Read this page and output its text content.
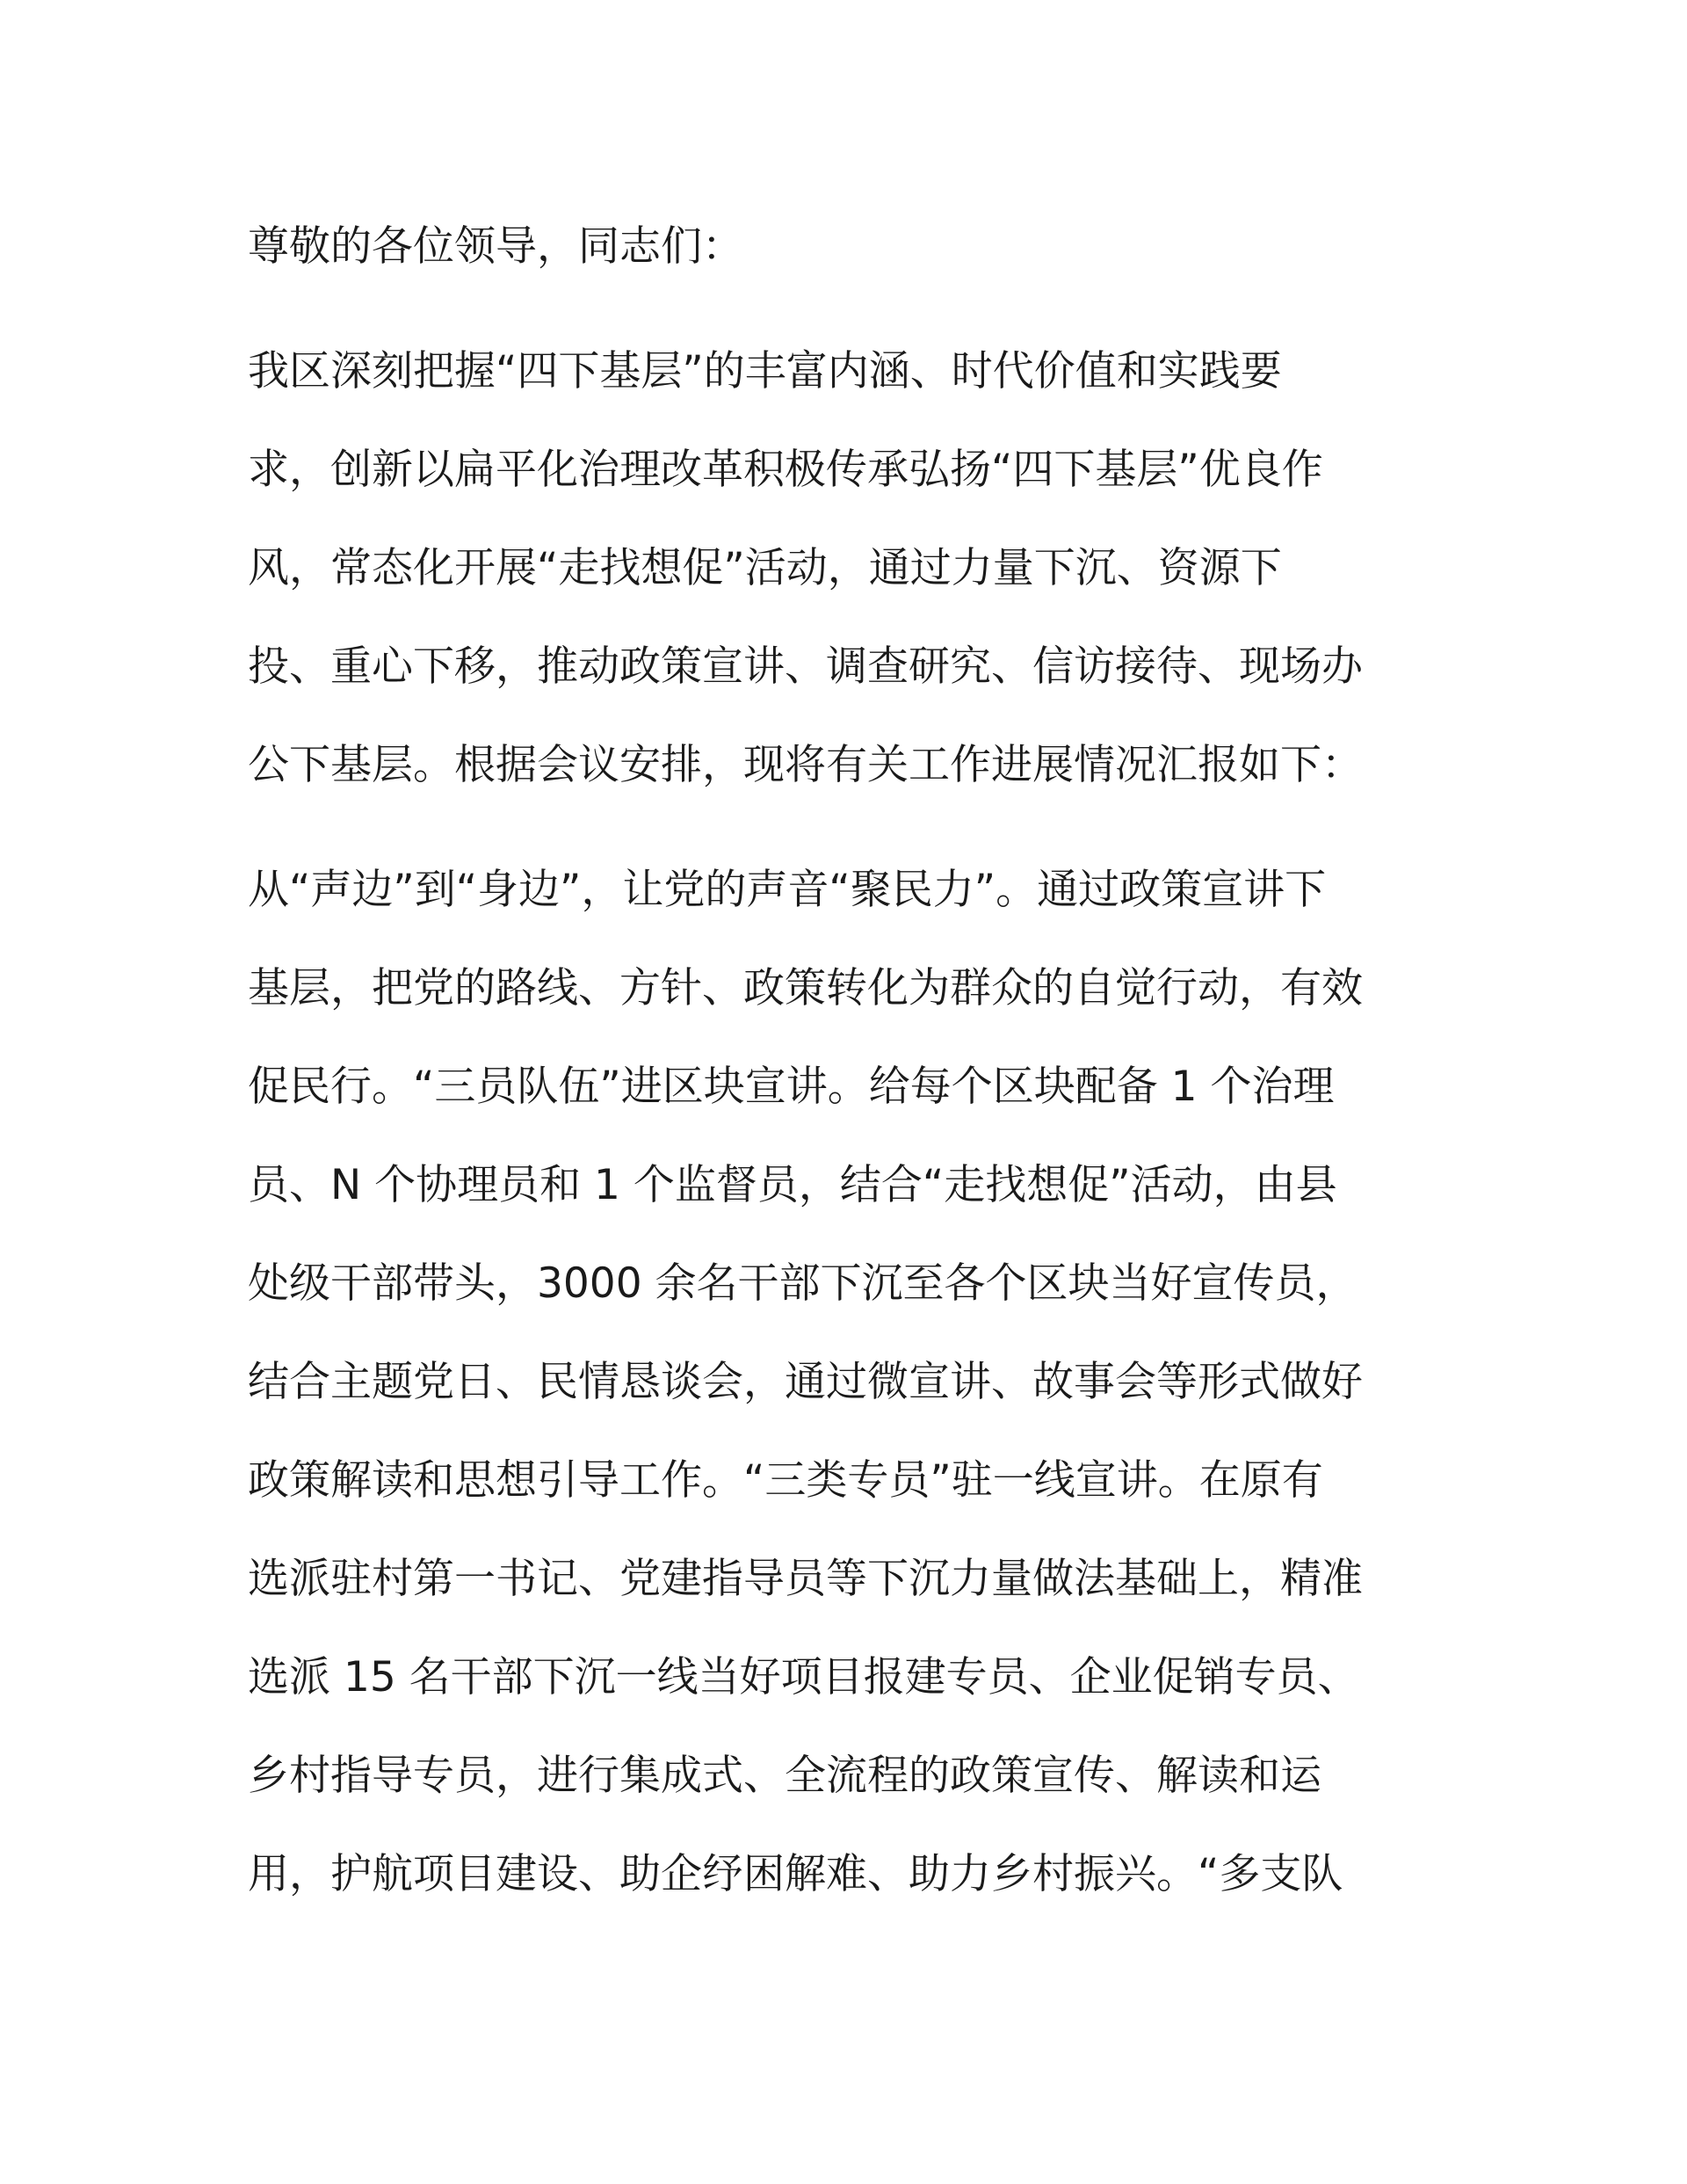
尊敬的各位领导，同志们：
我区深刻把握“四下基层”的丰富内涵、时代价值和实践要
求，创新以扁平化治理改革积极传承弘扬“四下基层”优良作
风，常态化开展“走找想促”活动，通过力量下沉、资源下
投、重心下移，推动政策宣讲、调查研究、信访接待、现场办
公下基层。根据会议安排，现将有关工作进展情况汇报如下：
从“声边”到“身边”，让党的声音“聚民力”。通过政策宣讲下
基层，把党的路线、方针、政策转化为群众的自觉行动，有效
促民行。“三员队伍”进区块宣讲。给每个区块配备 1 个治理
员、N 个协理员和 1 个监督员，结合“走找想促”活动，由县
处级干部带头，3000 余名干部下沉至各个区块当好宣传员，
结合主题党日、民情恳谈会，通过微宣讲、故事会等形式做好
政策解读和思想引导工作。“三类专员”驻一线宣讲。在原有
选派驻村第一书记、党建指导员等下沉力量做法基础上，精准
选派 15 名干部下沉一线当好项目报建专员、企业促销专员、
乡村指导专员，进行集成式、全流程的政策宣传、解读和运
用，护航项目建设、助企纾困解难、助力乡村振兴。“多支队
